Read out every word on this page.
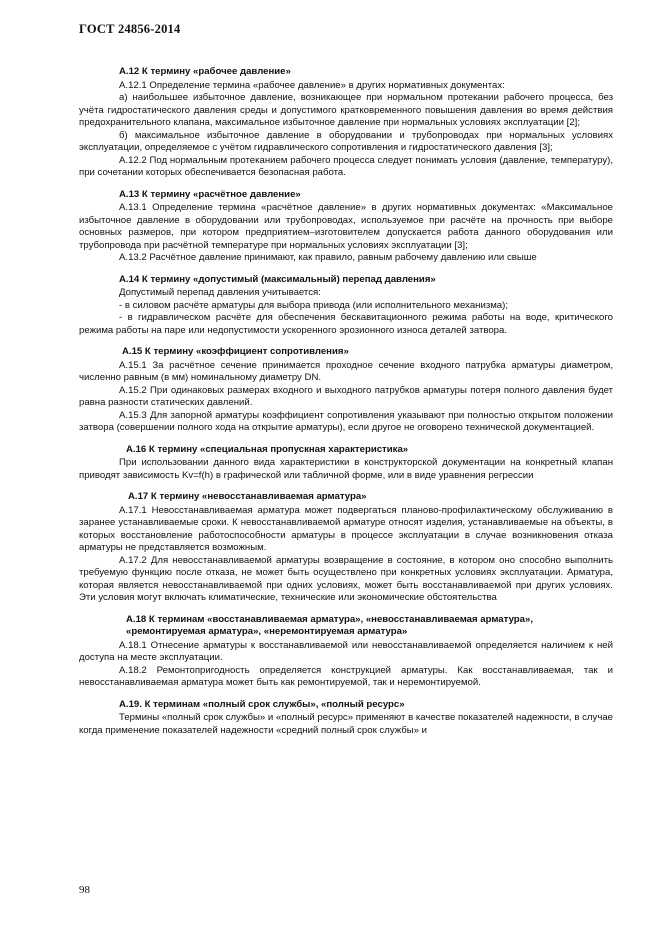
ГОСТ 24856-2014

А.12 К термину «рабочее давление»

А.12.1 Определение термина «рабочее давление» в других нормативных документах:

а) наибольшее избыточное давление, возникающее при нормальном протекании рабочего процесса, без учёта гидростатического давления среды и допустимого кратковременного повышения давления во время действия предохранительного клапана, максимальное избыточное давление при нормальных условиях эксплуатации [2];

б) максимальное избыточное давление в оборудовании и трубопроводах при нормальных условиях эксплуатации, определяемое с учётом гидравлического сопротивления и гидростатического давления [3];

А.12.2 Под нормальным протеканием рабочего процесса следует понимать условия (давление, температуру), при сочетании которых обеспечивается безопасная работа.

А.13 К термину «расчётное давление»

А.13.1 Определение термина «расчётное давление» в других нормативных документах: «Максимальное избыточное давление в оборудовании или трубопроводах, используемое при расчёте на прочность при выборе основных размеров, при котором предприятием–изготовителем допускается работа данного оборудования или трубопровода при расчётной температуре при нормальных условиях эксплуатации [3];

А.13.2 Расчётное давление принимают, как правило, равным рабочему давлению или свыше

А.14 К термину «допустимый (максимальный) перепад давления»

Допустимый перепад давления учитывается:

- в силовом расчёте арматуры для выбора привода (или исполнительного механизма);

- в гидравлическом расчёте для обеспечения бескавитационного режима работы на воде, критического режима работы на паре или недопустимости ускоренного эрозионного износа деталей затвора.

А.15 К термину «коэффициент сопротивления»

А.15.1 За расчётное сечение принимается проходное сечение входного патрубка арматуры диаметром, численно равным (в мм) номинальному диаметру DN.

А.15.2 При одинаковых размерах входного и выходного патрубков арматуры потеря полного давления будет равна разности статических давлений.

А.15.3 Для запорной арматуры коэффициент сопротивления указывают при полностью открытом положении затвора (совершении полного хода на открытие арматуры), если другое не оговорено технической документацией.

А.16 К термину «специальная пропускная характеристика»

При использовании данного вида характеристики в конструкторской документации на конкретный клапан приводят зависимость Kv=f(h) в графической или табличной форме, или в виде уравнения регрессии

А.17 К термину «невосстанавливаемая арматура»

А.17.1 Невосстанавливаемая арматура может подвергаться планово-профилактическому обслуживанию в заранее устанавливаемые сроки. К невосстанавливаемой арматуре относят изделия, устанавливаемые на объекты, в которых восстановление работоспособности арматуры в процессе эксплуатации в случае возникновения отказа арматуры не представляется возможным.

А.17.2 Для невосстанавливаемой арматуры возвращение в состояние, в котором оно способно выполнить требуемую функцию после отказа, не может быть осуществлено при конкретных условиях эксплуатации. Арматура, которая является невосстанавливаемой при одних условиях, может быть восстанавливаемой при других условиях. Эти условия могут включать климатические, технические или экономические обстоятельства

А.18 К терминам «восстанавливаемая арматура», «невосстанавливаемая арматура», «ремонтируемая арматура», «неремонтируемая арматура»

А.18.1 Отнесение арматуры к восстанавливаемой или невосстанавливаемой определяется наличием к ней доступа на месте эксплуатации.

А.18.2 Ремонтопригодность определяется конструкцией арматуры. Как восстанавливаемая, так и невосстанавливаемая арматура может быть как ремонтируемой, так и неремонтируемой.

А.19. К терминам «полный срок службы», «полный ресурс»

Термины «полный срок службы» и «полный ресурс» применяют в качестве показателей надежности, в случае когда применение показателей надежности «средний полный срок службы» и

98
